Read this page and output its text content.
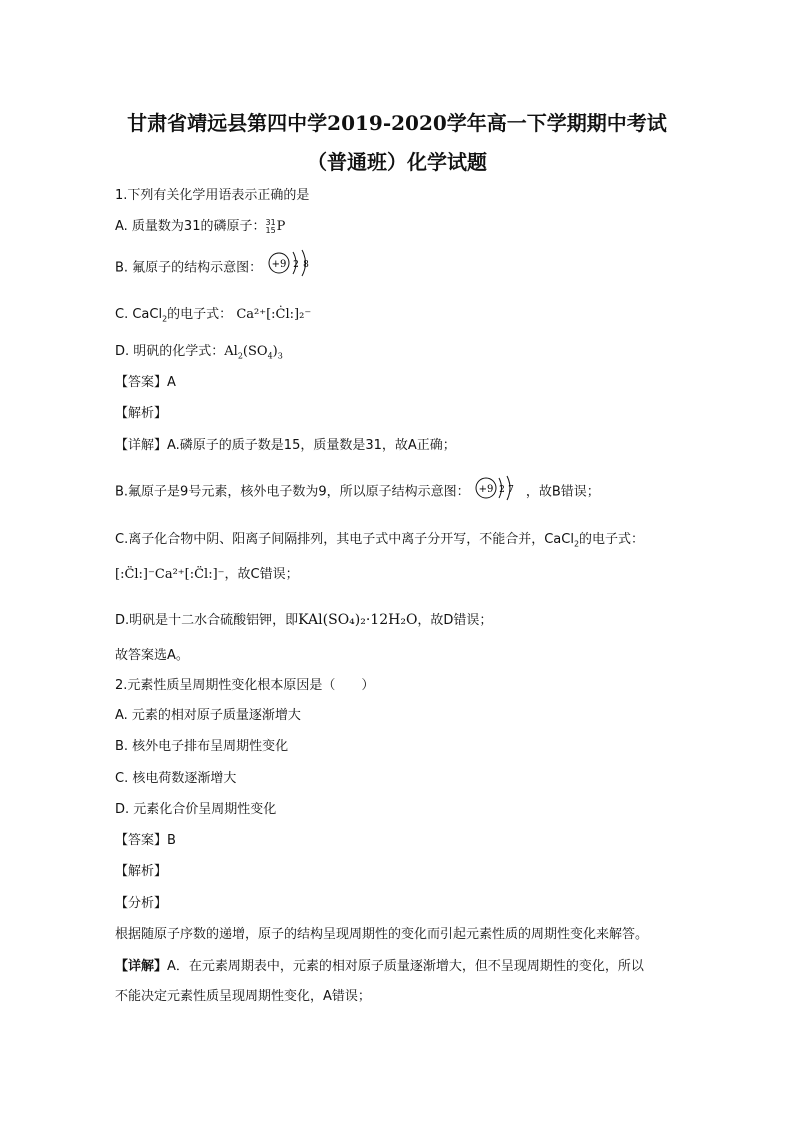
甘肃省靖远县第四中学2019-2020学年高一下学期期中考试
（普通班）化学试题
1.下列有关化学用语表示正确的是
A. 质量数为31的磷原子：31
15P
B. 氟原子的结构示意图： +9 2 8
C. CaCl$_2$的电子式： Ca²⁺[:Ċl:]₂⁻
D. 明矾的化学式：$Al_2(SO_4)_3$
【答案】A
【解析】
【详解】A.磷原子的质子数是15，质量数是31，故A正确；
B.氟原子是9号元素，核外电子数为9，所以原子结构示意图： +9 2 7 ，故B错误；
C.离子化合物中阴、阳离子间隔排列，其电子式中离子分开写，不能合并，CaCl$_2$的电子式：
[:C̈l:]⁻Ca²⁺[:C̈l:]⁻，故C错误；
D.明矾是十二水合硫酸铝钾，即KAl(SO₄)₂·12H₂O，故D错误；
故答案选A。
2.元素性质呈周期性变化根本原因是（　　）
A. 元素的相对原子质量逐渐增大
B. 核外电子排布呈周期性变化
C. 核电荷数逐渐增大
D. 元素化合价呈周期性变化
【答案】B
【解析】
【分析】
根据随原子序数的递增，原子的结构呈现周期性的变化而引起元素性质的周期性变化来解答。
【详解】A．在元素周期表中，元素的相对原子质量逐渐增大，但不呈现周期性的变化，所以
不能决定元素性质呈现周期性变化，A错误；
